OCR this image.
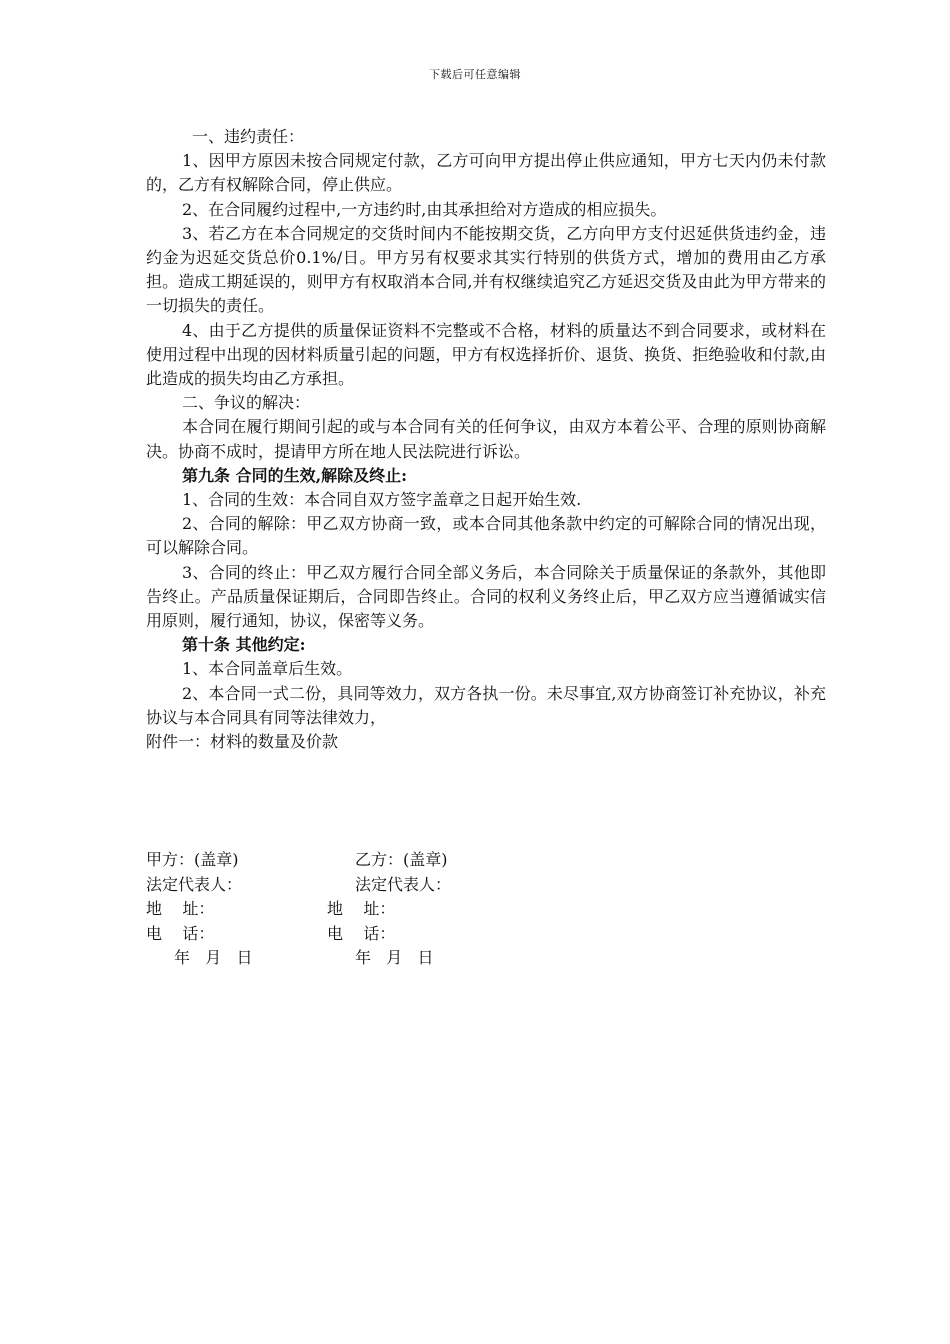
下载后可任意编辑

一、违约责任：

1、因甲方原因未按合同规定付款，乙方可向甲方提出停止供应通知，甲方七天内仍未付款的，乙方有权解除合同，停止供应。

2、在合同履约过程中,一方违约时,由其承担给对方造成的相应损失。

3、若乙方在本合同规定的交货时间内不能按期交货，乙方向甲方支付迟延供货违约金，违约金为迟延交货总价0.1%/日。甲方另有权要求其实行特别的供货方式，增加的费用由乙方承担。造成工期延误的，则甲方有权取消本合同,并有权继续追究乙方延迟交货及由此为甲方带来的一切损失的责任。

4、由于乙方提供的质量保证资料不完整或不合格，材料的质量达不到合同要求，或材料在使用过程中出现的因材料质量引起的问题，甲方有权选择折价、退货、换货、拒绝验收和付款,由此造成的损失均由乙方承担。

二、争议的解决：

本合同在履行期间引起的或与本合同有关的任何争议，由双方本着公平、合理的原则协商解决。协商不成时，提请甲方所在地人民法院进行诉讼。

第九条 合同的生效,解除及终止:

1、合同的生效：本合同自双方签字盖章之日起开始生效.

2、合同的解除：甲乙双方协商一致，或本合同其他条款中约定的可解除合同的情况出现，可以解除合同。

3、合同的终止：甲乙双方履行合同全部义务后，本合同除关于质量保证的条款外，其他即告终止。产品质量保证期后，合同即告终止。合同的权利义务终止后，甲乙双方应当遵循诚实信用原则，履行通知，协议，保密等义务。

第十条 其他约定:

1、本合同盖章后生效。

2、本合同一式二份，具同等效力，双方各执一份。未尽事宜,双方协商签订补充协议，补充协议与本合同具有同等法律效力，

附件一：材料的数量及价款

甲方：(盖章)	乙方：(盖章)
法定代表人：	法定代表人：
地    址：	地    址：
电    话：	电    话：
年   月   日	年   月   日
